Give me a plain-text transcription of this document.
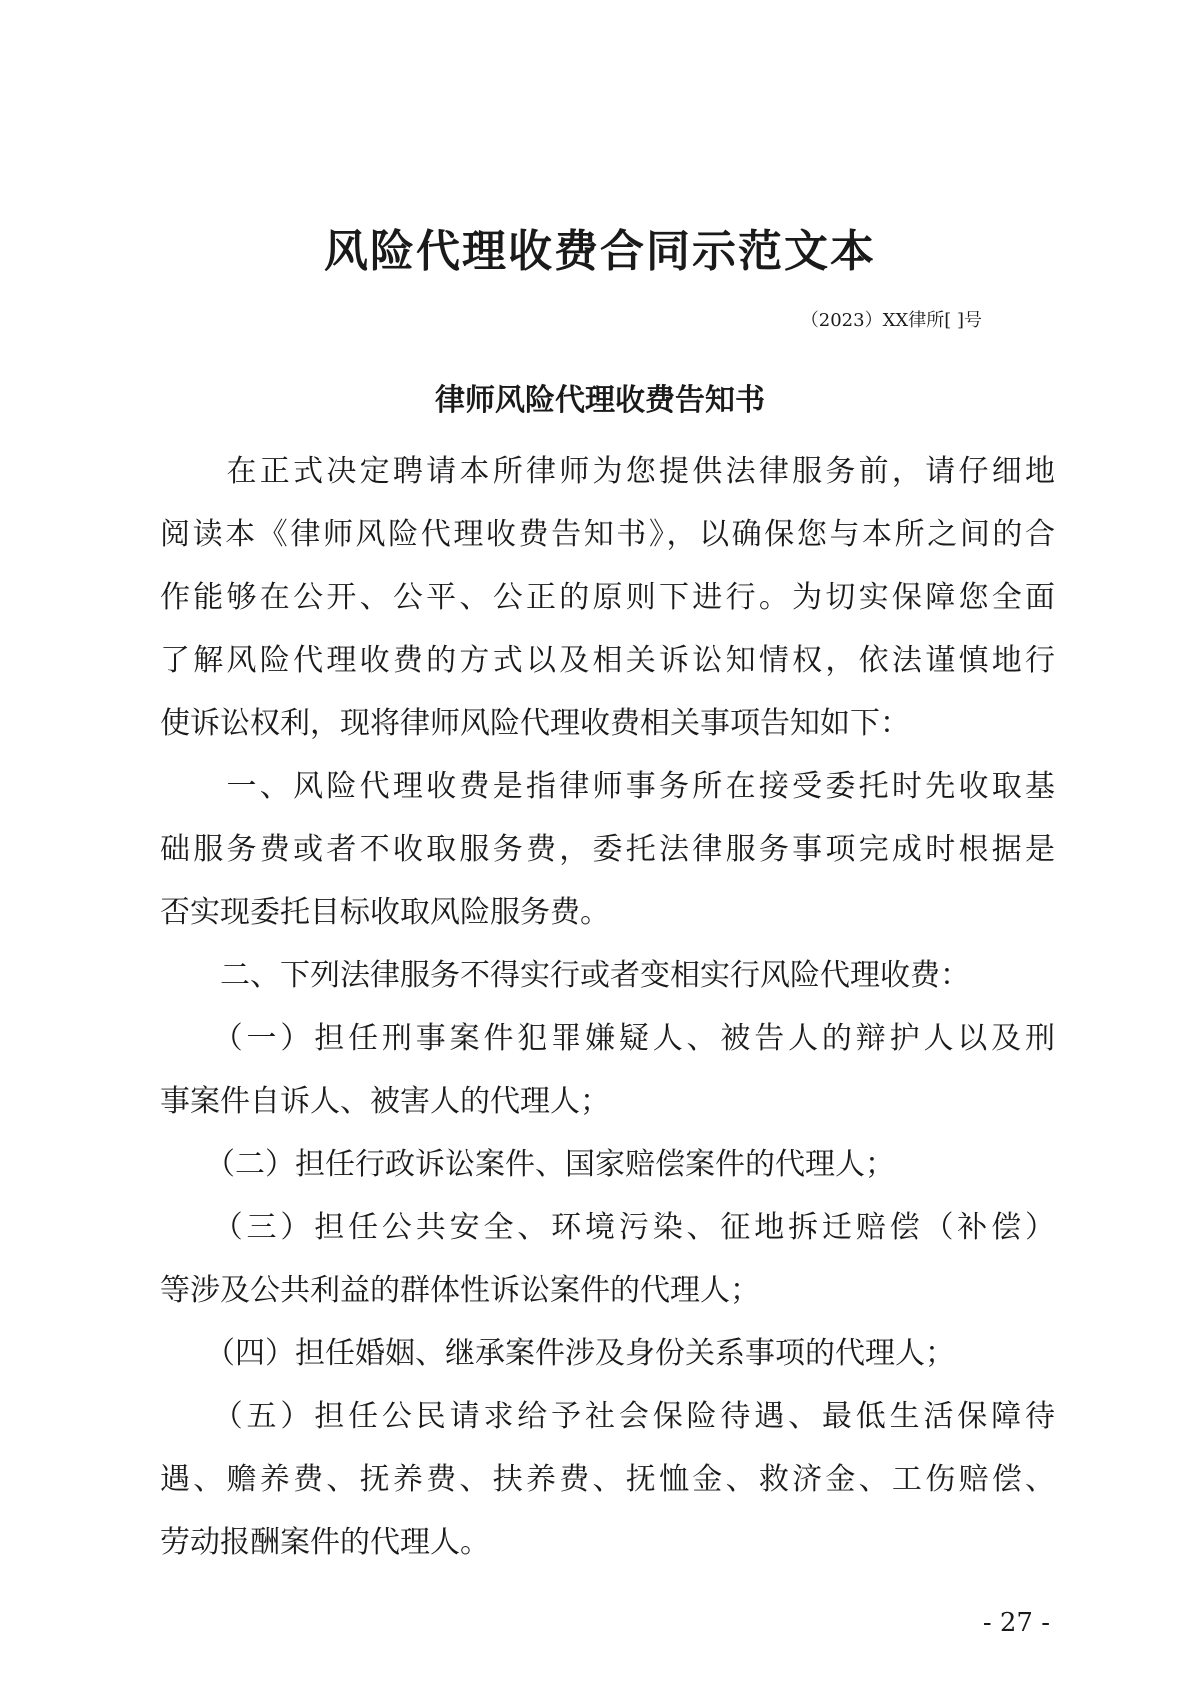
风险代理收费合同示范文本
（2023）XX律所[ ]号
律师风险代理收费告知书
　　在正式决定聘请本所律师为您提供法律服务前，请仔细地
阅读本《律师风险代理收费告知书》，以确保您与本所之间的合
作能够在公开、公平、公正的原则下进行。为切实保障您全面
了解风险代理收费的方式以及相关诉讼知情权，依法谨慎地行
使诉讼权利，现将律师风险代理收费相关事项告知如下：
　　一、风险代理收费是指律师事务所在接受委托时先收取基
础服务费或者不收取服务费，委托法律服务事项完成时根据是
否实现委托目标收取风险服务费。
　　二、下列法律服务不得实行或者变相实行风险代理收费：
　　（一）担任刑事案件犯罪嫌疑人、被告人的辩护人以及刑
事案件自诉人、被害人的代理人；
　　（二）担任行政诉讼案件、国家赔偿案件的代理人；
　　（三）担任公共安全、环境污染、征地拆迁赔偿（补偿）
等涉及公共利益的群体性诉讼案件的代理人；
　　（四）担任婚姻、继承案件涉及身份关系事项的代理人；
　　（五）担任公民请求给予社会保险待遇、最低生活保障待
遇、赡养费、抚养费、扶养费、抚恤金、救济金、工伤赔偿、
劳动报酬案件的代理人。
- 27 -
